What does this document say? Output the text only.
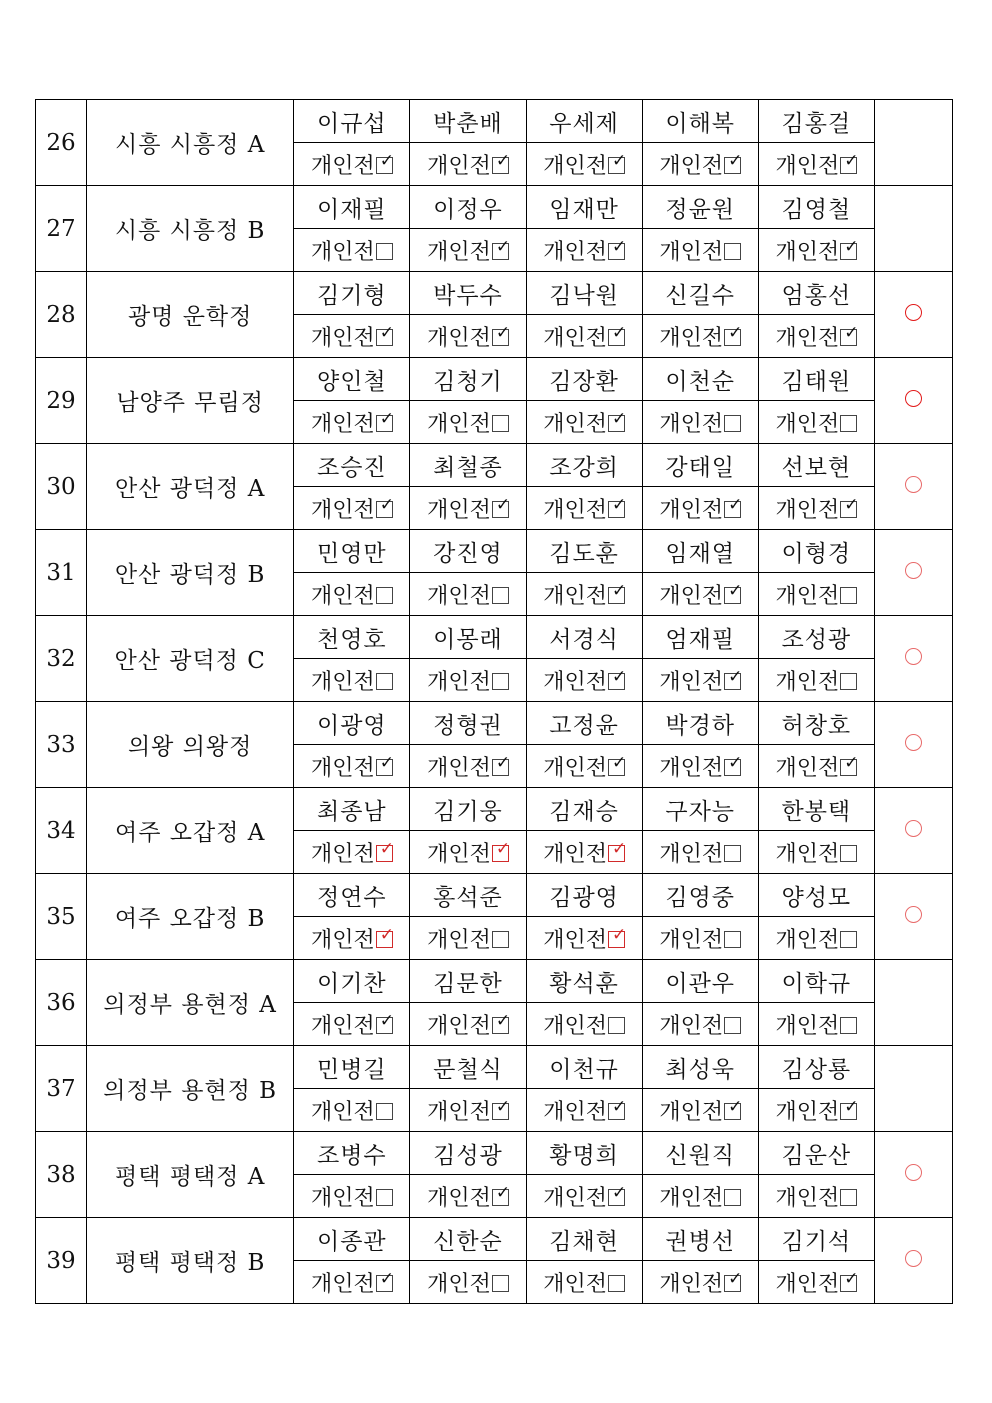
26	시흥 시흥정 A	이규섭	박춘배	우세제	이해복	김홍걸	
		개인전 ✓	개인전 ✓	개인전 ✓	개인전 ✓	개인전 ✓	

27	시흥 시흥정 B	이재필	이정우	임재만	정윤원	김영철	
		개인전	개인전 ✓	개인전 ✓	개인전	개인전 ✓	

28	광명 운학정	김기형	박두수	김낙원	신길수	엄홍선	
		개인전 ✓	개인전 ✓	개인전 ✓	개인전 ✓	개인전 ✓	

29	남양주 무림정	양인철	김청기	김장환	이천순	김태원	
		개인전 ✓	개인전	개인전 ✓	개인전	개인전	
30	안산 광덕정 A	조승진	최철종	조강희	강태일	선보현	
		개인전 ✓	개인전 ✓	개인전 ✓	개인전 ✓	개인전 ✓	

31	안산 광덕정 B	민영만	강진영	김도훈	임재열	이형경	
		개인전	개인전	개인전 ✓	개인전 ✓	개인전	
32	안산 광덕정 C	천영호	이몽래	서경식	엄재필	조성광	
		개인전	개인전	개인전 ✓	개인전 ✓	개인전	
33	의왕 의왕정	이광영	정형권	고정윤	박경하	허창호	
		개인전 ✓	개인전 ✓	개인전 ✓	개인전 ✓	개인전 ✓	

34	여주 오갑정 A	최종남	김기웅	김재승	구자능	한봉택	
		개인전 ✓	개인전 ✓	개인전 ✓	개인전	개인전	
35	여주 오갑정 B	정연수	홍석준	김광영	김영중	양성모	
		개인전 ✓	개인전	개인전 ✓	개인전	개인전	
36	의정부 용현정 A	이기찬	김문한	황석훈	이관우	이학규	
		개인전 ✓	개인전 ✓	개인전	개인전	개인전	
37	의정부 용현정 B	민병길	문철식	이천규	최성욱	김상룡	
		개인전	개인전 ✓	개인전 ✓	개인전 ✓	개인전 ✓	

38	평택 평택정 A	조병수	김성광	황명희	신원직	김운산	
		개인전	개인전 ✓	개인전 ✓	개인전	개인전	
39	평택 평택정 B	이종관	신한순	김채현	권병선	김기석	
		개인전 ✓	개인전	개인전	개인전 ✓	개인전 ✓	
